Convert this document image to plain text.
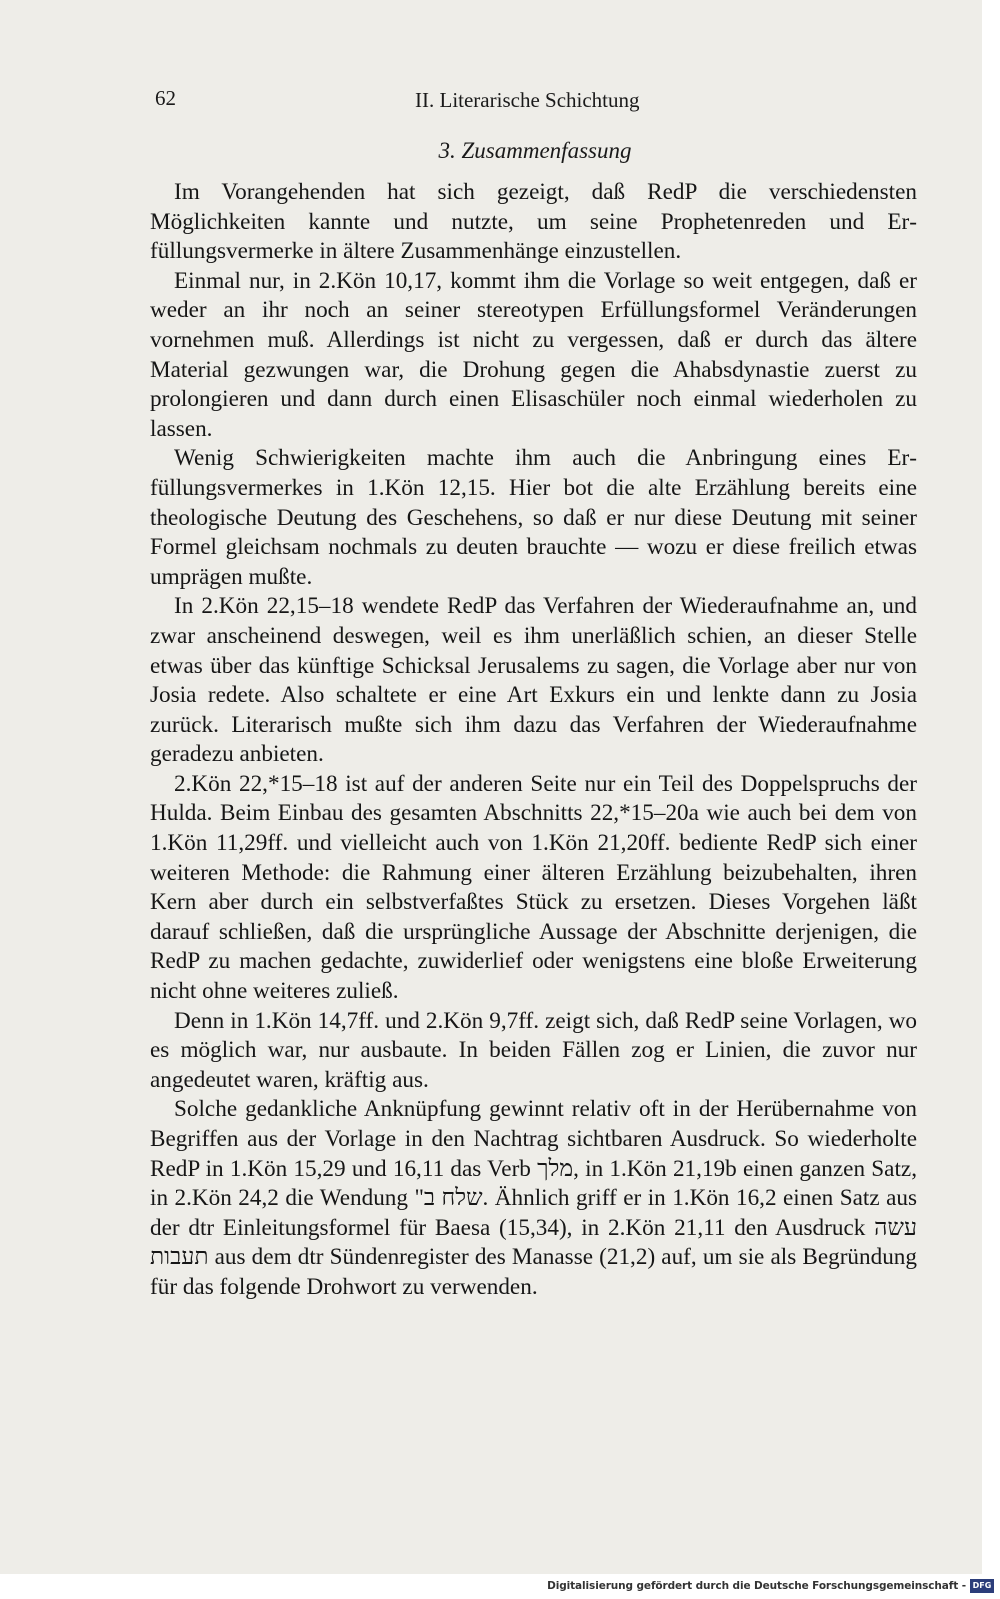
62	II. Literarische Schichtung
3. Zusammenfassung

Im Vorangehenden hat sich gezeigt, daß RedP die verschiedensten Möglichkeiten kannte und nutzte, um seine Prophetenreden und Erfüllungsvermerke in ältere Zusammenhänge einzustellen.

Einmal nur, in 2.Kön 10,17, kommt ihm die Vorlage so weit entgegen, daß er weder an ihr noch an seiner stereotypen Erfüllungsformel Veränderungen vornehmen muß. Allerdings ist nicht zu vergessen, daß er durch das ältere Material gezwungen war, die Drohung gegen die Ahabsdynastie zuerst zu prolongieren und dann durch einen Elisaschüler noch einmal wiederholen zu lassen.

Wenig Schwierigkeiten machte ihm auch die Anbringung eines Erfüllungsvermerkes in 1.Kön 12,15. Hier bot die alte Erzählung bereits eine theologische Deutung des Geschehens, so daß er nur diese Deutung mit seiner Formel gleichsam nochmals zu deuten brauchte — wozu er diese freilich etwas umprägen mußte.

In 2.Kön 22,15–18 wendete RedP das Verfahren der Wiederaufnahme an, und zwar anscheinend deswegen, weil es ihm unerläßlich schien, an dieser Stelle etwas über das künftige Schicksal Jerusalems zu sagen, die Vorlage aber nur von Josia redete. Also schaltete er eine Art Exkurs ein und lenkte dann zu Josia zurück. Literarisch mußte sich ihm dazu das Verfahren der Wiederaufnahme geradezu anbieten.

2.Kön 22,*15–18 ist auf der anderen Seite nur ein Teil des Doppelspruchs der Hulda. Beim Einbau des gesamten Abschnitts 22,*15–20a wie auch bei dem von 1.Kön 11,29ff. und vielleicht auch von 1.Kön 21,20ff. bediente RedP sich einer weiteren Methode: die Rahmung einer älteren Erzählung beizubehalten, ihren Kern aber durch ein selbstverfaßtes Stück zu ersetzen. Dieses Vorgehen läßt darauf schließen, daß die ursprüngliche Aussage der Abschnitte derjenigen, die RedP zu machen gedachte, zuwiderlief oder wenigstens eine bloße Erweiterung nicht ohne weiteres zuließ.

Denn in 1.Kön 14,7ff. und 2.Kön 9,7ff. zeigt sich, daß RedP seine Vorlagen, wo es möglich war, nur ausbaute. In beiden Fällen zog er Linien, die zuvor nur angedeutet waren, kräftig aus.

Solche gedankliche Anknüpfung gewinnt relativ oft in der Herübernahme von Begriffen aus der Vorlage in den Nachtrag sichtbaren Ausdruck. So wiederholte RedP in 1.Kön 15,29 und 16,11 das Verb מלך, in 1.Kön 21,19b einen ganzen Satz, in 2.Kön 24,2 die Wendung "שלח ב. Ähnlich griff er in 1.Kön 16,2 einen Satz aus der dtr Einleitungsformel für Baesa (15,34), in 2.Kön 21,11 den Ausdruck עשה תעבות aus dem dtr Sündenregister des Manasse (21,2) auf, um sie als Begründung für das folgende Drohwort zu verwenden.

Digitalisierung gefördert durch die Deutsche Forschungsgemeinschaft - DFG
